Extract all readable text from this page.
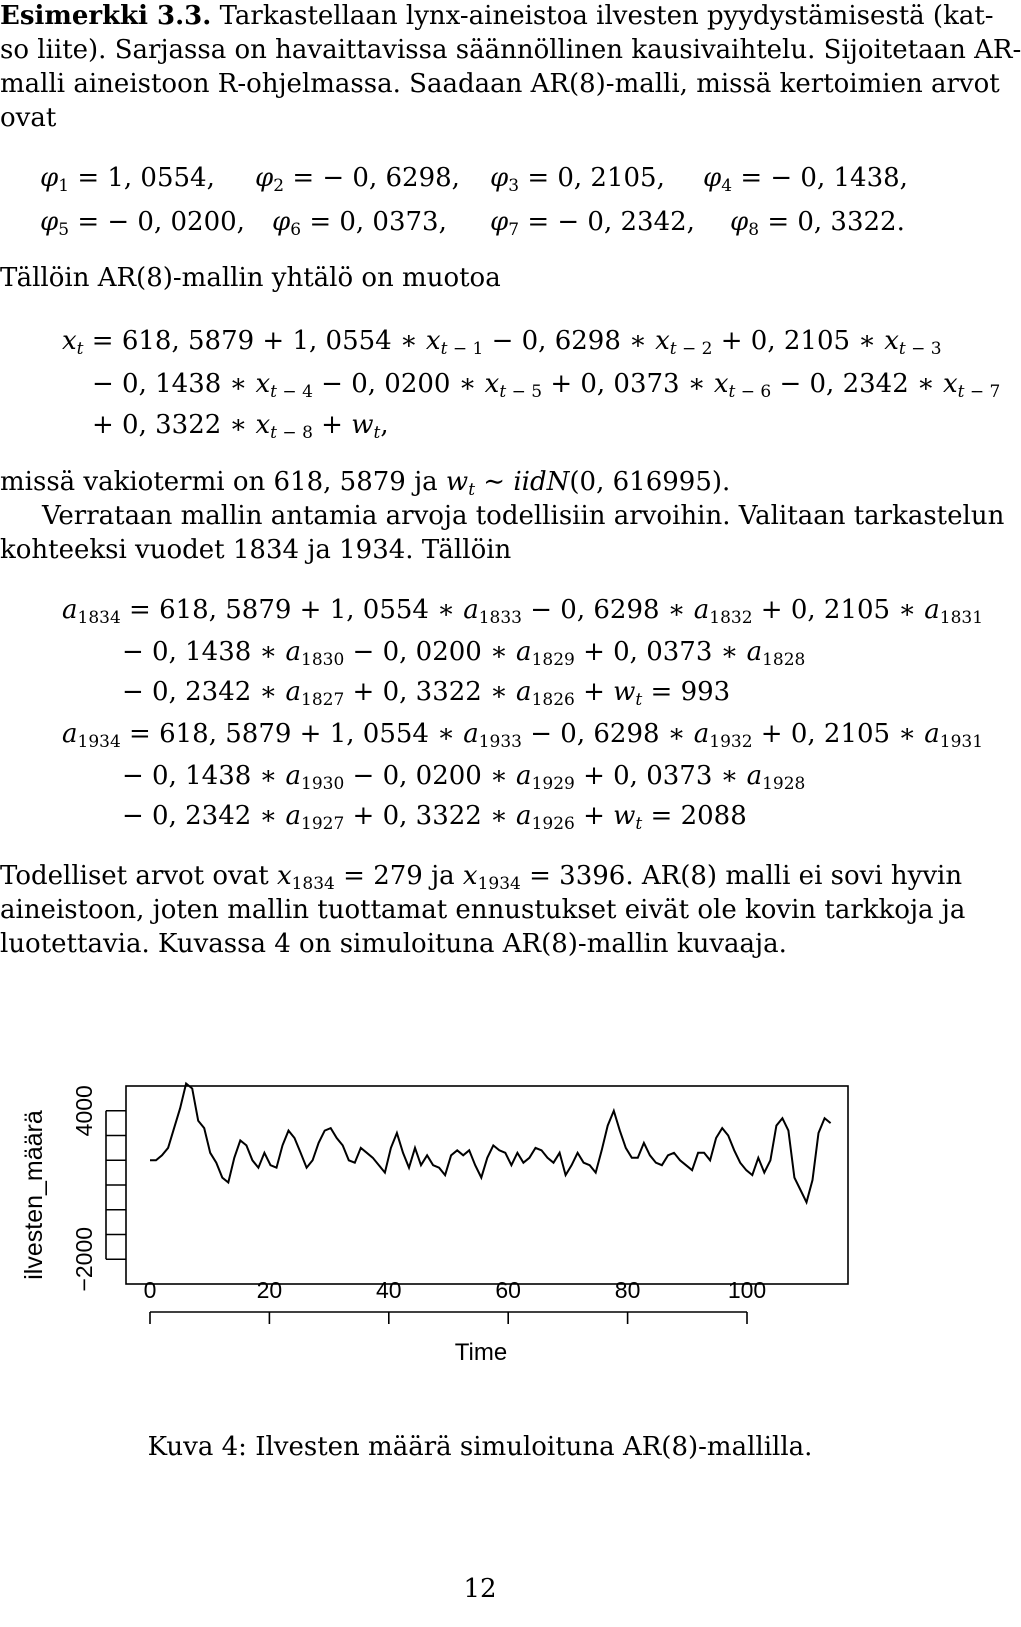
Esimerkki 3.3. Tarkastellaan lynx-aineistoa ilvesten pyydystämisestä (kat-
so liite). Sarjassa on havaittavissa säännöllinen kausivaihtelu. Sijoitetaan AR-
malli aineistoon R-ohjelmassa. Saadaan AR(8)-malli, missä kertoimien arvot
ovat
$\varphi_1 = 1$, 0554, $\varphi_2$ = − 0, 6298, $\varphi_3 = 0$, 2105, $\varphi_4$ = − 0, 1438,
$\varphi_5$ = − 0, 0200, $\varphi_6 = 0$, 0373, $\varphi_7$ = − 0, 2342, $\varphi_8 = 0$, 3322.
Tällöin AR(8)-mallin yhtälö on muotoa
$x_t = 618$, 5879 + 1, 0554 ∗ $x_{t - 1} - 0$, 6298 ∗ $x_{t - 2} + 0$, 2105 ∗ $x_{t - 3}$
− 0, 1438 ∗ $x_{t - 4} - 0$, 0200 ∗ $x_{t - 5} + 0$, 0373 ∗ $x_{t - 6} - 0$, 2342 ∗ $x_{t - 7}$
+ 0, 3322 ∗ $x_{t - 8} + w_t$,
missä vakiotermi on 618, 5879 ja $w_t$ ∼ iidN(0, 616995).
Verrataan mallin antamia arvoja todellisiin arvoihin. Valitaan tarkastelun
kohteeksi vuodet 1834 ja 1934. Tällöin
$a_{1834} = 618$, 5879 + 1, 0554 ∗ $a_{1833} - 0$, 6298 ∗ $a_{1832} + 0$, 2105 ∗ $a_{1831}$
− 0, 1438 ∗ $a_{1830} - 0$, 0200 ∗ $a_{1829} + 0$, 0373 ∗ $a_{1828}$
− 0, 2342 ∗ $a_{1827} + 0$, 3322 ∗ $a_{1826} + w_t = 993$
$a_{1934} = 618$, 5879 + 1, 0554 ∗ $a_{1933} - 0$, 6298 ∗ $a_{1932} + 0$, 2105 ∗ $a_{1931}$
− 0, 1438 ∗ $a_{1930} - 0$, 0200 ∗ $a_{1929} + 0$, 0373 ∗ $a_{1928}$
− 0, 2342 ∗ $a_{1927} + 0$, 3322 ∗ $a_{1926} + w_t = 2088$
Todelliset arvot ovat $x_{1834} = 279$ ja $x_{1934} = 3396$. AR(8) malli ei sovi hyvin
aineistoon, joten mallin tuottamat ennustukset eivät ole kovin tarkkoja ja
luotettavia. Kuvassa 4 on simuloituna AR(8)-mallin kuvaaja.
0	20	40	60	80	100
−2000
4000
ilvesten_määrä
Time
Kuva 4: Ilvesten määrä simuloituna AR(8)-mallilla.
12
